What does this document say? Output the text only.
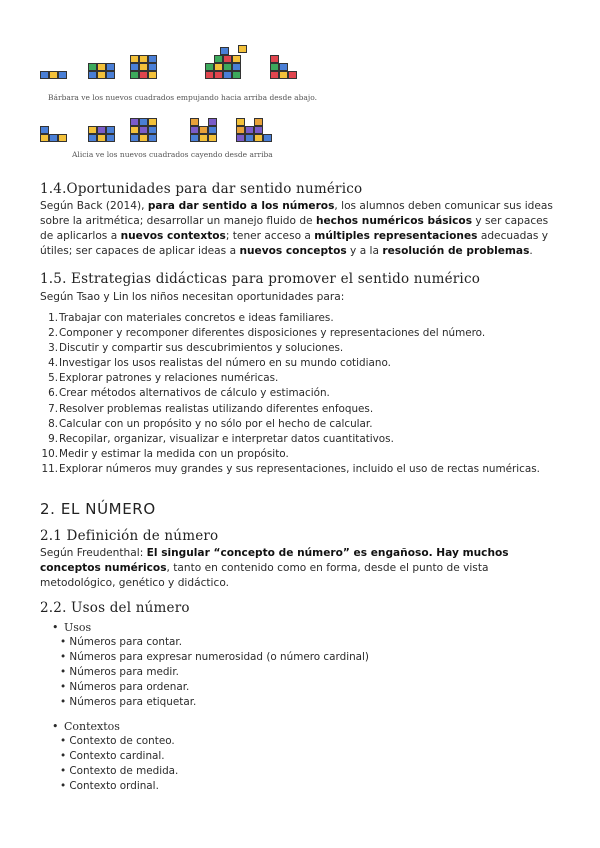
Bárbara ve los nuevos cuadrados empujando hacia arriba desde abajo.
Alicia ve los nuevos cuadrados cayendo desde arriba
1.4.Oportunidades para dar sentido numérico

Según Back (2014), para dar sentido a los números, los alumnos deben comunicar sus ideas sobre la aritmética; desarrollar un manejo fluido de hechos numéricos básicos y ser capaces de aplicarlos a nuevos contextos; tener acceso a múltiples representaciones adecuadas y útiles; ser capaces de aplicar ideas a nuevos conceptos y a la resolución de problemas.

1.5. Estrategias didácticas para promover el sentido numérico

Según Tsao y Lin los niños necesitan oportunidades para:

1.Trabajar con materiales concretos e ideas familiares.
2.Componer y recomponer diferentes disposiciones y representaciones del número.
3.Discutir y compartir sus descubrimientos y soluciones.
4.Investigar los usos realistas del número en su mundo cotidiano.
5.Explorar patrones y relaciones numéricas.
6.Crear métodos alternativos de cálculo y estimación.
7.Resolver problemas realistas utilizando diferentes enfoques.
8.Calcular con un propósito y no sólo por el hecho de calcular.
9.Recopilar, organizar, visualizar e interpretar datos cuantitativos.
10.Medir y estimar la medida con un propósito.
11.Explorar números muy grandes y sus representaciones, incluido el uso de rectas numéricas.
2. EL NÚMERO
2.1 Definición de número

Según Freudenthal: El singular “concepto de número” es engañoso. Hay muchos conceptos numéricos, tanto en contenido como en forma, desde el punto de vista metodológico, genético y didáctico.

2.2. Usos del número
• Usos
• Números para contar.
• Números para expresar numerosidad (o número cardinal)
• Números para medir.
• Números para ordenar.
• Números para etiquetar.
• Contextos
• Contexto de conteo.
• Contexto cardinal.
• Contexto de medida.
• Contexto ordinal.
